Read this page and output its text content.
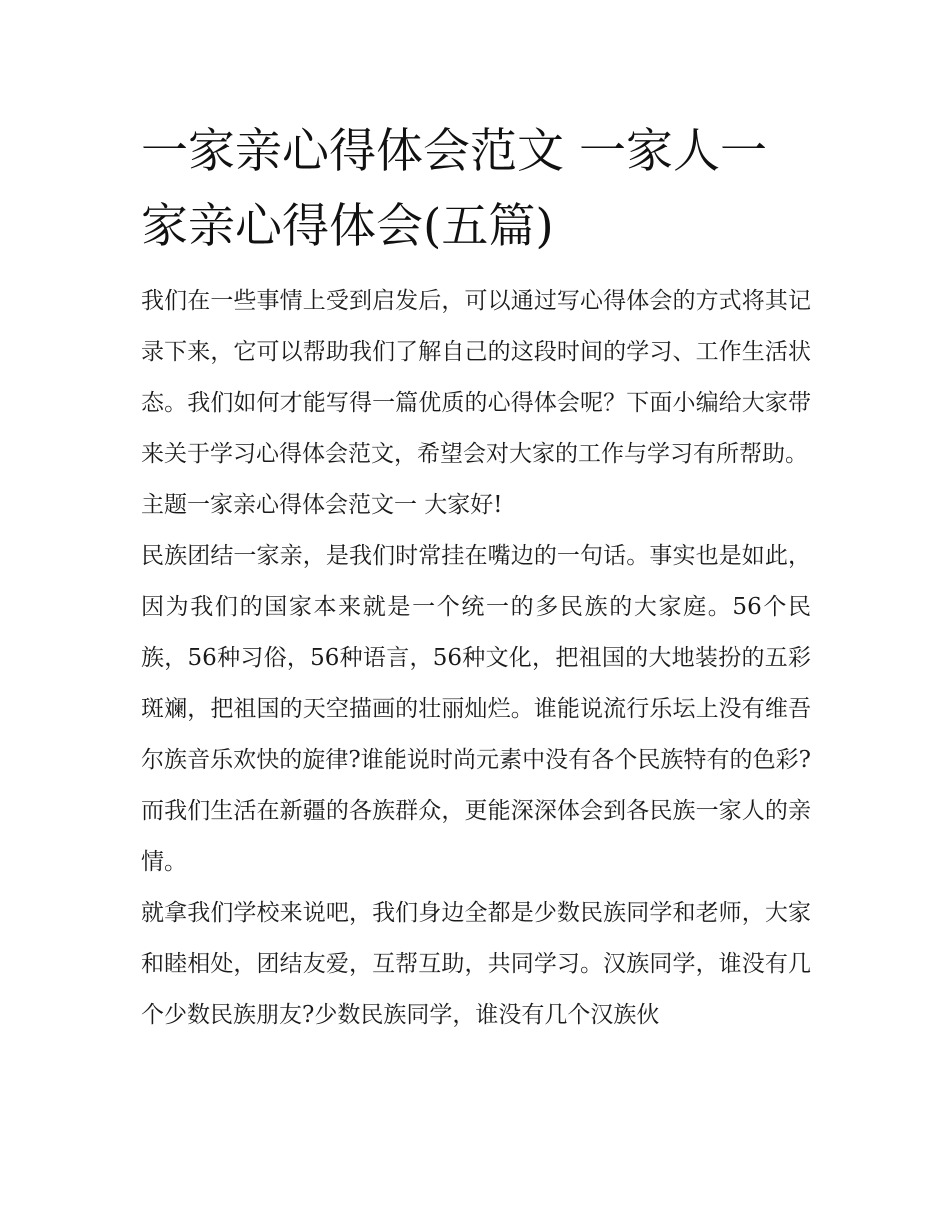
一家亲心得体会范文 一家人一家亲心得体会(五篇)

我们在一些事情上受到启发后，可以通过写心得体会的方式将其记录下来，它可以帮助我们了解自己的这段时间的学习、工作生活状态。我们如何才能写得一篇优质的心得体会呢？下面小编给大家带来关于学习心得体会范文，希望会对大家的工作与学习有所帮助。

主题一家亲心得体会范文一 大家好!

民族团结一家亲，是我们时常挂在嘴边的一句话。事实也是如此，因为我们的国家本来就是一个统一的多民族的大家庭。56个民族，56种习俗，56种语言，56种文化，把祖国的大地装扮的五彩斑斓，把祖国的天空描画的壮丽灿烂。谁能说流行乐坛上没有维吾尔族音乐欢快的旋律?谁能说时尚元素中没有各个民族特有的色彩?而我们生活在新疆的各族群众，更能深深体会到各民族一家人的亲情。

就拿我们学校来说吧，我们身边全都是少数民族同学和老师，大家和睦相处，团结友爱，互帮互助，共同学习。汉族同学，谁没有几个少数民族朋友?少数民族同学，谁没有几个汉族伙
